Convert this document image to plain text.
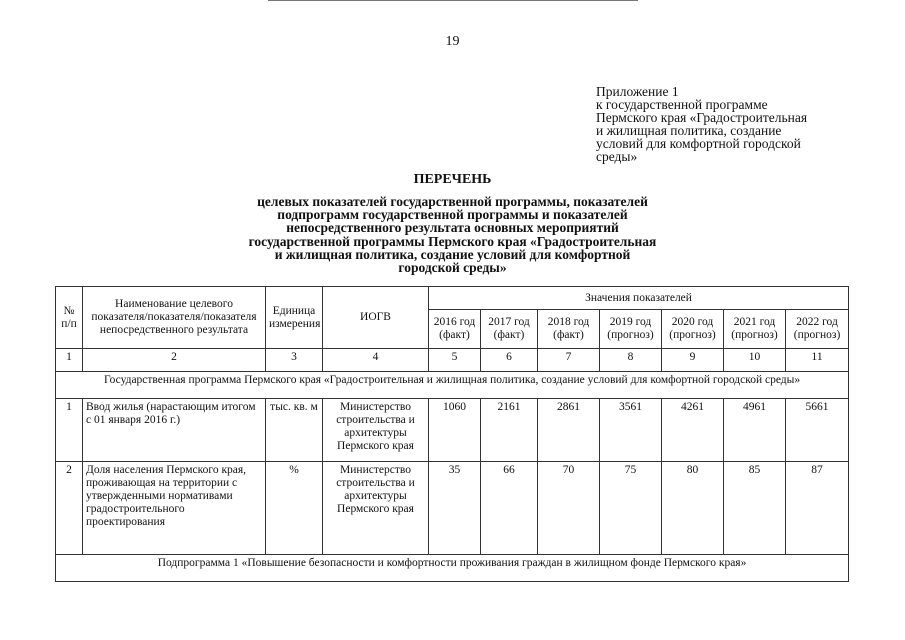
19
Приложение 1
к государственной программе
Пермского края «Градостроительная
и жилищная политика, создание
условий для комфортной городской
среды»
ПЕРЕЧЕНЬ
целевых показателей государственной программы, показателей
подпрограмм государственной программы и показателей
непосредственного результата основных мероприятий
государственной программы Пермского края «Градостроительная
и жилищная политика, создание условий для комфортной
городской среды»
№ п/п	Наименование целевого показателя/показателя/показателя непосредственного результата	Единица измерения	ИОГВ	Значения показателей						
				2016 год (факт)	2017 год (факт)	2018 год (факт)	2019 год (прогноз)	2020 год (прогноз)	2021 год (прогноз)	2022 год (прогноз)
1	2	3	4	5	6	7	8	9	10	11
Государственная программа Пермского края «Градостроительная и жилищная политика, создание условий для комфортной городской среды»										
1	Ввод жилья (нарастающим итогом с 01 января 2016 г.)	тыс. кв. м	Министерство строительства и архитектуры Пермского края	1060	2161	2861	3561	4261	4961	5661
2	Доля населения Пермского края, проживающая на территории с утвержденными нормативами градостроительного проектирования	%	Министерство строительства и архитектуры Пермского края	35	66	70	75	80	85	87
Подпрограмма 1 «Повышение безопасности и комфортности проживания граждан в жилищном фонде Пермского края»										
